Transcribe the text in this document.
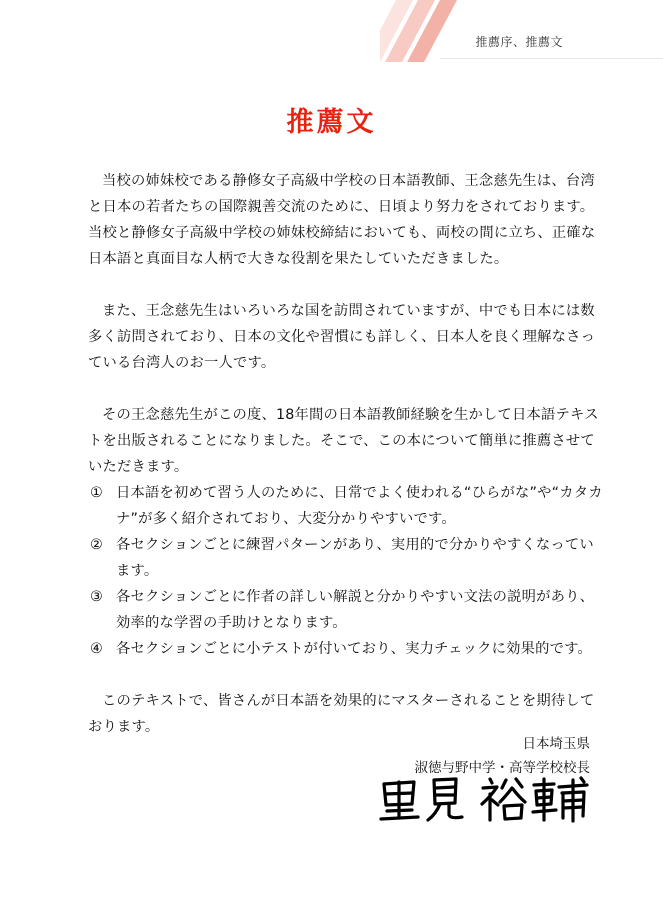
推薦序、推薦文
推薦文

当校の姉妹校である静修女子高級中学校の日本語教師、王念慈先生は、台湾と日本の若者たちの国際親善交流のために、日頃より努力をされております。当校と静修女子高級中学校の姉妹校締結においても、両校の間に立ち、正確な日本語と真面目な人柄で大きな役割を果たしていただきました。

また、王念慈先生はいろいろな国を訪問されていますが、中でも日本には数多く訪問されており、日本の文化や習慣にも詳しく、日本人を良く理解なさっている台湾人のお一人です。

その王念慈先生がこの度、18年間の日本語教師経験を生かして日本語テキストを出版されることになりました。そこで、この本について簡単に推薦させていただきます。

① 日本語を初めて習う人のために、日常でよく使われる“ひらがな”や“カタカナ”が多く紹介されており、大変分かりやすいです。
② 各セクションごとに練習パターンがあり、実用的で分かりやすくなっています。
③ 各セクションごとに作者の詳しい解説と分かりやすい文法の説明があり、効率的な学習の手助けとなります。
④ 各セクションごとに小テストが付いており、実力チェックに効果的です。

このテキストで、皆さんが日本語を効果的にマスターされることを期待しております。

日本埼玉県
淑徳与野中学・高等学校校長
